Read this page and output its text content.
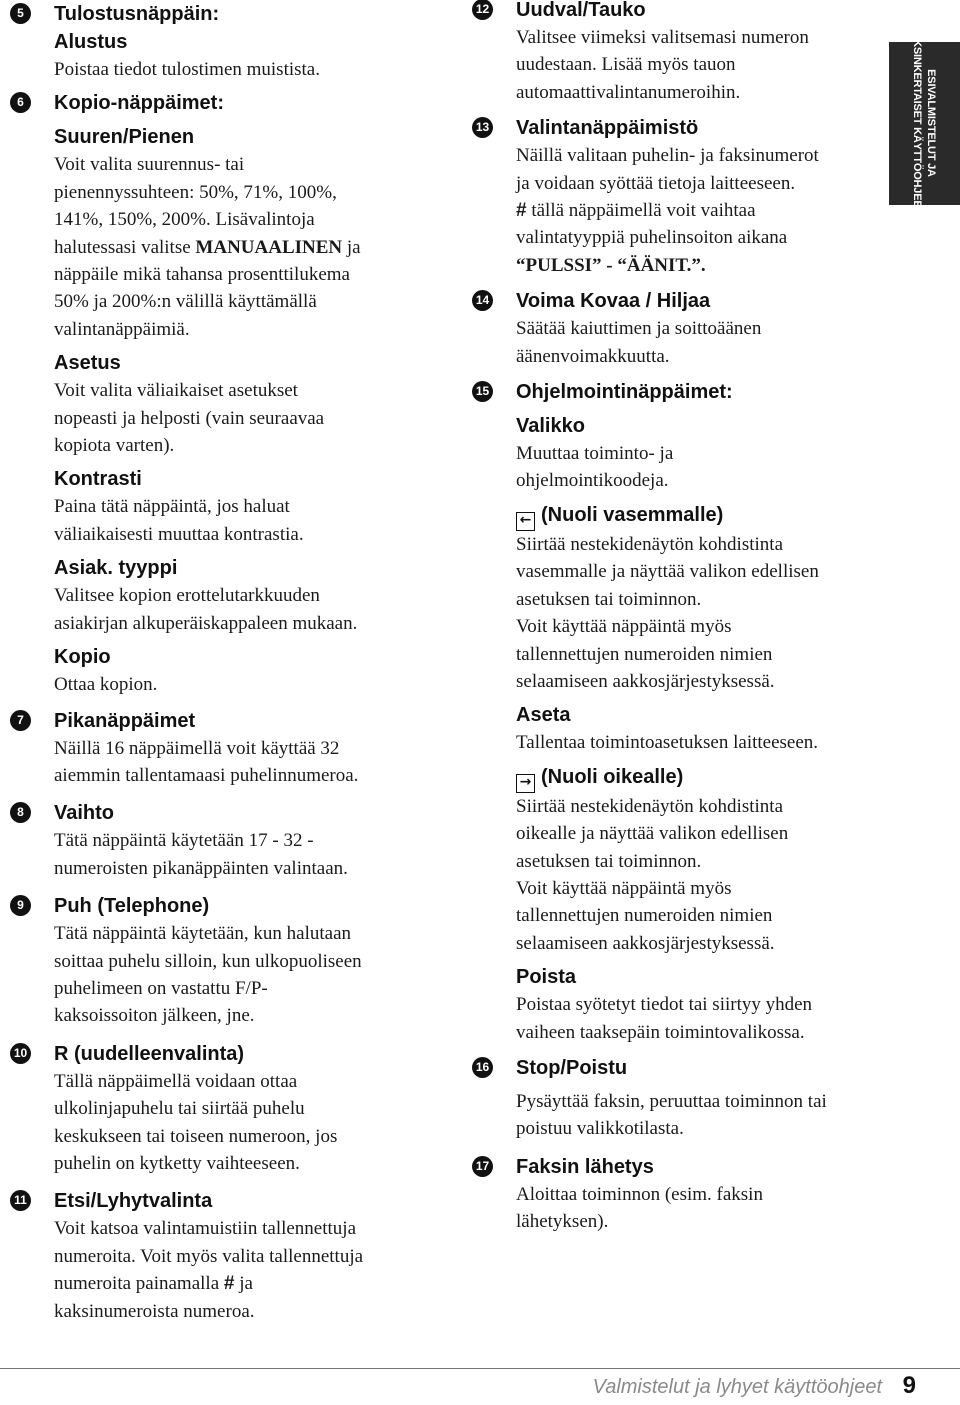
5	Tulostusnäppäin:

Alustus

Poistaa tiedot tulostimen muistista.

6	Kopio-näppäimet:

Suuren/Pienen

Voit valita suurennus- tai
pienennyssuhteen: 50%, 71%, 100%,
141%, 150%, 200%. Lisävalintoja
halutessasi valitse MANUAALINEN ja
näppäile mikä tahansa prosenttilukema
50% ja 200%:n välillä käyttämällä
valintanäppäimiä.

Asetus

Voit valita väliaikaiset asetukset
nopeasti ja helposti (vain seuraavaa
kopiota varten).

Kontrasti

Paina tätä näppäintä, jos haluat
väliaikaisesti muuttaa kontrastia.

Asiak. tyyppi

Valitsee kopion erottelutarkkuuden
asiakirjan alkuperäiskappaleen mukaan.

Kopio

Ottaa kopion.

7	Pikanäppäimet

Näillä 16 näppäimellä voit käyttää 32
aiemmin tallentamaasi puhelinnumeroa.

8	Vaihto

Tätä näppäintä käytetään 17 - 32 -
numeroisten pikanäppäinten valintaan.

9	Puh (Telephone)

Tätä näppäintä käytetään, kun halutaan
soittaa puhelu silloin, kun ulkopuoliseen
puhelimeen on vastattu F/P-
kaksoissoiton jälkeen, jne.

10 R (uudelleenvalinta)

Tällä näppäimellä voidaan ottaa
ulkolinjapuhelu tai siirtää puhelu
keskukseen tai toiseen numeroon, jos
puhelin on kytketty vaihteeseen.

11 Etsi/Lyhytvalinta

Voit katsoa valintamuistiin tallennettuja
numeroita. Voit myös valita tallennettuja
numeroita painamalla # ja
kaksinumeroista numeroa.

12 Uudval/Tauko

Valitsee viimeksi valitsemasi numeron
uudestaan. Lisää myös tauon
automaattivalintanumeroihin.

13 Valintanäppäimistö

Näillä valitaan puhelin- ja faksinumerot
ja voidaan syöttää tietoja laitteeseen.
# tällä näppäimellä voit vaihtaa
valintatyyppiä puhelinsoiton aikana
“PULSSI” - “ÄÄNIT.”.

14 Voima Kovaa / Hiljaa

Säätää kaiuttimen ja soittoäänen
äänenvoimakkuutta.

15 Ohjelmointinäppäimet:

Valikko

Muuttaa toiminto- ja
ohjelmointikoodeja.

← (Nuoli vasemmalle)

Siirtää nestekidenäytön kohdistinta
vasemmalle ja näyttää valikon edellisen
asetuksen tai toiminnon.
Voit käyttää näppäintä myös
tallennettujen numeroiden nimien
selaamiseen aakkosjärjestyksessä.

Aseta

Tallentaa toimintoasetuksen laitteeseen.

→ (Nuoli oikealle)

Siirtää nestekidenäytön kohdistinta
oikealle ja näyttää valikon edellisen
asetuksen tai toiminnon.
Voit käyttää näppäintä myös
tallennettujen numeroiden nimien
selaamiseen aakkosjärjestyksessä.

Poista

Poistaa syötetyt tiedot tai siirtyy yhden
vaiheen taaksepäin toimintovalikossa.

16 Stop/Poistu

Pysäyttää faksin, peruuttaa toiminnon tai
poistuu valikkotilasta.

17 Faksin lähetys

Aloittaa toiminnon (esim. faksin
lähetyksen).

ESIVALMISTELUT JA
YKSINKERTAISET KÄYTTÖOHJEET
Valmistelut ja lyhyet käyttöohjeet 9
